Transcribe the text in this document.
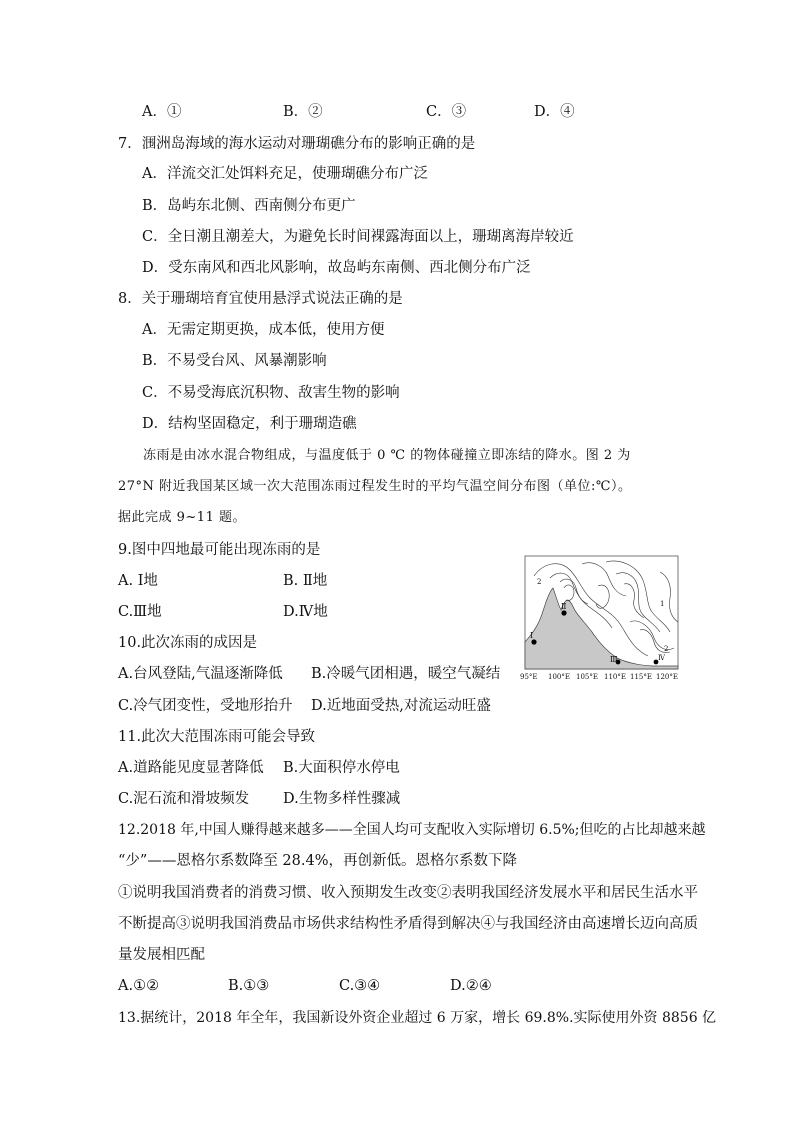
A．①	B．②	C．③	D．④
7．涠洲岛海域的海水运动对珊瑚礁分布的影响正确的是
A．洋流交汇处饵料充足，使珊瑚礁分布广泛
B．岛屿东北侧、西南侧分布更广
C．全日潮且潮差大，为避免长时间裸露海面以上，珊瑚离海岸较近
D．受东南风和西北风影响，故岛屿东南侧、西北侧分布广泛
8．关于珊瑚培育宜使用悬浮式说法正确的是
A．无需定期更换，成本低，使用方便
B．不易受台风、风暴潮影响
C．不易受海底沉积物、敌害生物的影响
D．结构坚固稳定，利于珊瑚造礁
冻雨是由冰水混合物组成，与温度低于 0 ℃ 的物体碰撞立即冻结的降水。图 2 为
27°N 附近我国某区域一次大范围冻雨过程发生时的平均气温空间分布图（单位:℃）。
据此完成 9~11 题。
9.图中四地最可能出现冻雨的是
A. Ⅰ地	B. Ⅱ地
C.Ⅲ地	D.Ⅳ地
10.此次冻雨的成因是
A.台风登陆,气温逐渐降低 B.冷暖气团相遇，暖空气凝结
C.冷气团变性，受地形抬升 D.近地面受热,对流运动旺盛
11.此次大范围冻雨可能会导致
A.道路能见度显著降低 B.大面积停水停电
C.泥石流和滑坡频发 D.生物多样性骤减
12.2018 年,中国人赚得越来越多——全国人均可支配收入实际增切 6.5%;但吃的占比却越来越
“少”——恩格尔系数降至 28.4%，再创新低。恩格尔系数下降
①说明我国消费者的消费习惯、收入预期发生改变②表明我国经济发展水平和居民生活水平
不断提高③说明我国消费品市场供求结构性矛盾得到解决④与我国经济由高速增长迈向高质
量发展相匹配
A.①②	B.①③	C.③④	D.②④
13.据统计，2018 年全年，我国新设外资企业超过 6 万家，增长 69.8%.实际使用外资 8856 亿
Ⅰ
Ⅱ
Ⅲ	Ⅳ
2
1
2
95°E 100°E 105°E 110°E 115°E 120°E
